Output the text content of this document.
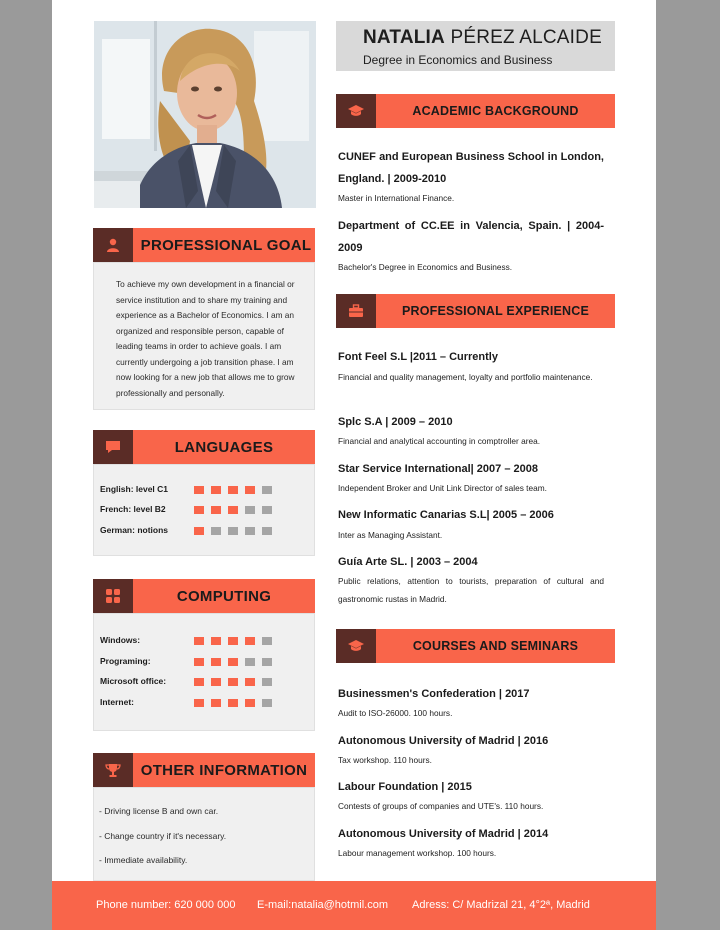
NATALIA PÉREZ ALCAIDE
Degree in Economics and Business
PROFESSIONAL GOAL
To achieve my own development in a financial or service institution and to share my training and experience as a Bachelor of Economics. I am an organized and responsible person, capable of leading teams in order to achieve goals. I am currently undergoing a job transition phase. I am now looking for a new job that allows me to grow professionally and personally.
LANGUAGES
English: level C1
French: level B2
German: notions
COMPUTING
Windows:
Programing:
Microsoft office:
Internet:
OTHER INFORMATION
- Driving license B and own car.
- Change country if it's necessary.
- Immediate availability.
ACADEMIC BACKGROUND
CUNEF and European Business School in London, England. | 2009-2010
Master in International Finance.
Department of CC.EE in Valencia, Spain. | 2004-2009
Bachelor's Degree in Economics and Business.
PROFESSIONAL EXPERIENCE
Font Feel S.L |2011 – Currently
Financial and quality management, loyalty and portfolio maintenance.
Splc S.A | 2009 – 2010
Financial and analytical accounting in comptroller area.
Star Service International| 2007 – 2008
Independent Broker and Unit Link Director of sales team.
New Informatic Canarias S.L| 2005 – 2006
Inter as Managing Assistant.
Guía Arte SL. | 2003 – 2004
Public relations, attention to tourists, preparation of cultural and gastronomic rustas in Madrid.
COURSES AND SEMINARS
Businessmen's Confederation | 2017
Audit to ISO-26000. 100 hours.
Autonomous University of Madrid | 2016
Tax workshop. 110 hours.
Labour Foundation | 2015
Contests of groups of companies and UTE's. 110 hours.
Autonomous University of Madrid | 2014
Labour management workshop. 100 hours.
Phone number: 620 000 000 E-mail:natalia@hotmil.com Adress: C/ Madrizal 21, 4°2ª, Madrid
